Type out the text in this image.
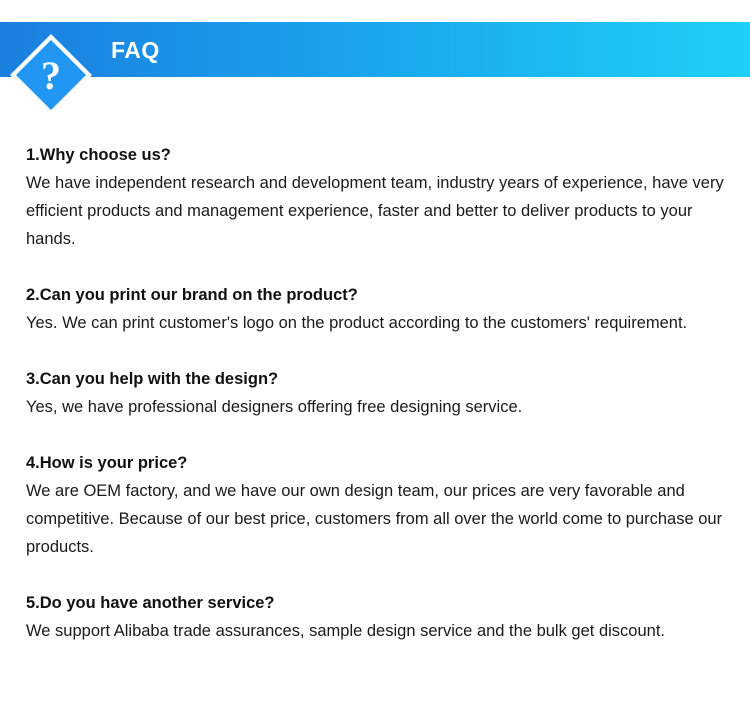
?
FAQ
1.Why choose us?
We have independent research and development team, industry years of experience, have very efficient products and management experience, faster and better to deliver products to your hands.
2.Can you print our brand on the product?
Yes. We can print customer's logo on the product according to the customers' requirement.
3.Can you help with the design?
Yes, we have professional designers offering free designing service.
4.How is your price?
We are OEM factory, and we have our own design team, our prices are very favorable and competitive. Because of our best price, customers from all over the world come to purchase our products.
5.Do you have another service?
We support Alibaba trade assurances, sample design service and the bulk get discount.
